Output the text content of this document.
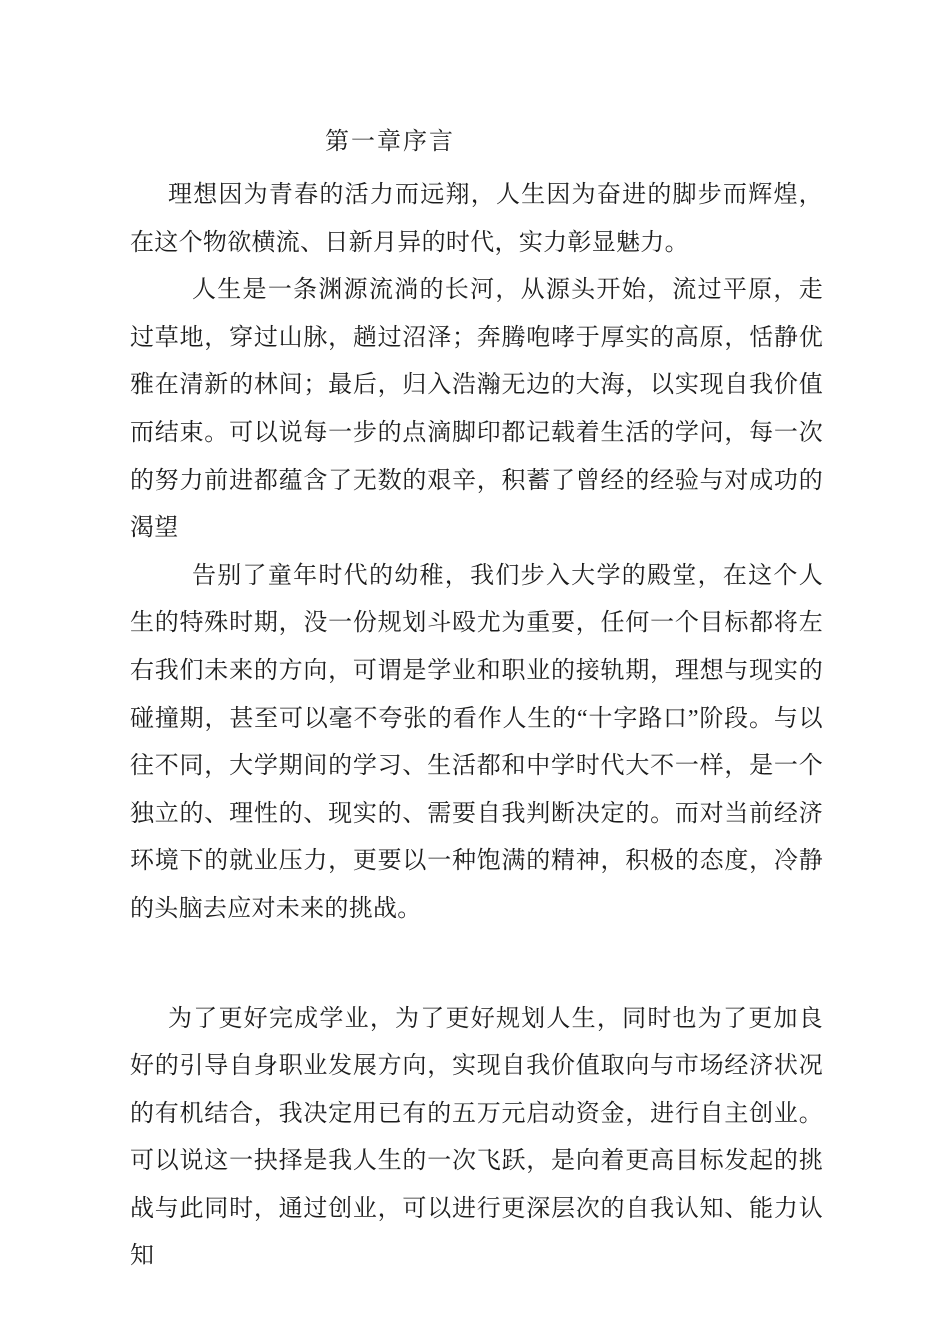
第一章序言

理想因为青春的活力而远翔，人生因为奋进的脚步而辉煌，在这个物欲横流、日新月异的时代，实力彰显魅力。

人生是一条渊源流淌的长河，从源头开始，流过平原，走过草地，穿过山脉，趟过沼泽；奔腾咆哮于厚实的高原，恬静优雅在清新的林间；最后，归入浩瀚无边的大海，以实现自我价值而结束。可以说每一步的点滴脚印都记载着生活的学问，每一次的努力前进都蕴含了无数的艰辛，积蓄了曾经的经验与对成功的渴望

告别了童年时代的幼稚，我们步入大学的殿堂，在这个人生的特殊时期，没一份规划斗殴尤为重要，任何一个目标都将左右我们未来的方向，可谓是学业和职业的接轨期，理想与现实的碰撞期，甚至可以毫不夸张的看作人生的“十字路口”阶段。与以往不同，大学期间的学习、生活都和中学时代大不一样，是一个独立的、理性的、现实的、需要自我判断决定的。而对当前经济环境下的就业压力，更要以一种饱满的精神，积极的态度，冷静的头脑去应对未来的挑战。

为了更好完成学业，为了更好规划人生，同时也为了更加良好的引导自身职业发展方向，实现自我价值取向与市场经济状况的有机结合，我决定用已有的五万元启动资金，进行自主创业。可以说这一抉择是我人生的一次飞跃，是向着更高目标发起的挑战与此同时，通过创业，可以进行更深层次的自我认知、能力认知
